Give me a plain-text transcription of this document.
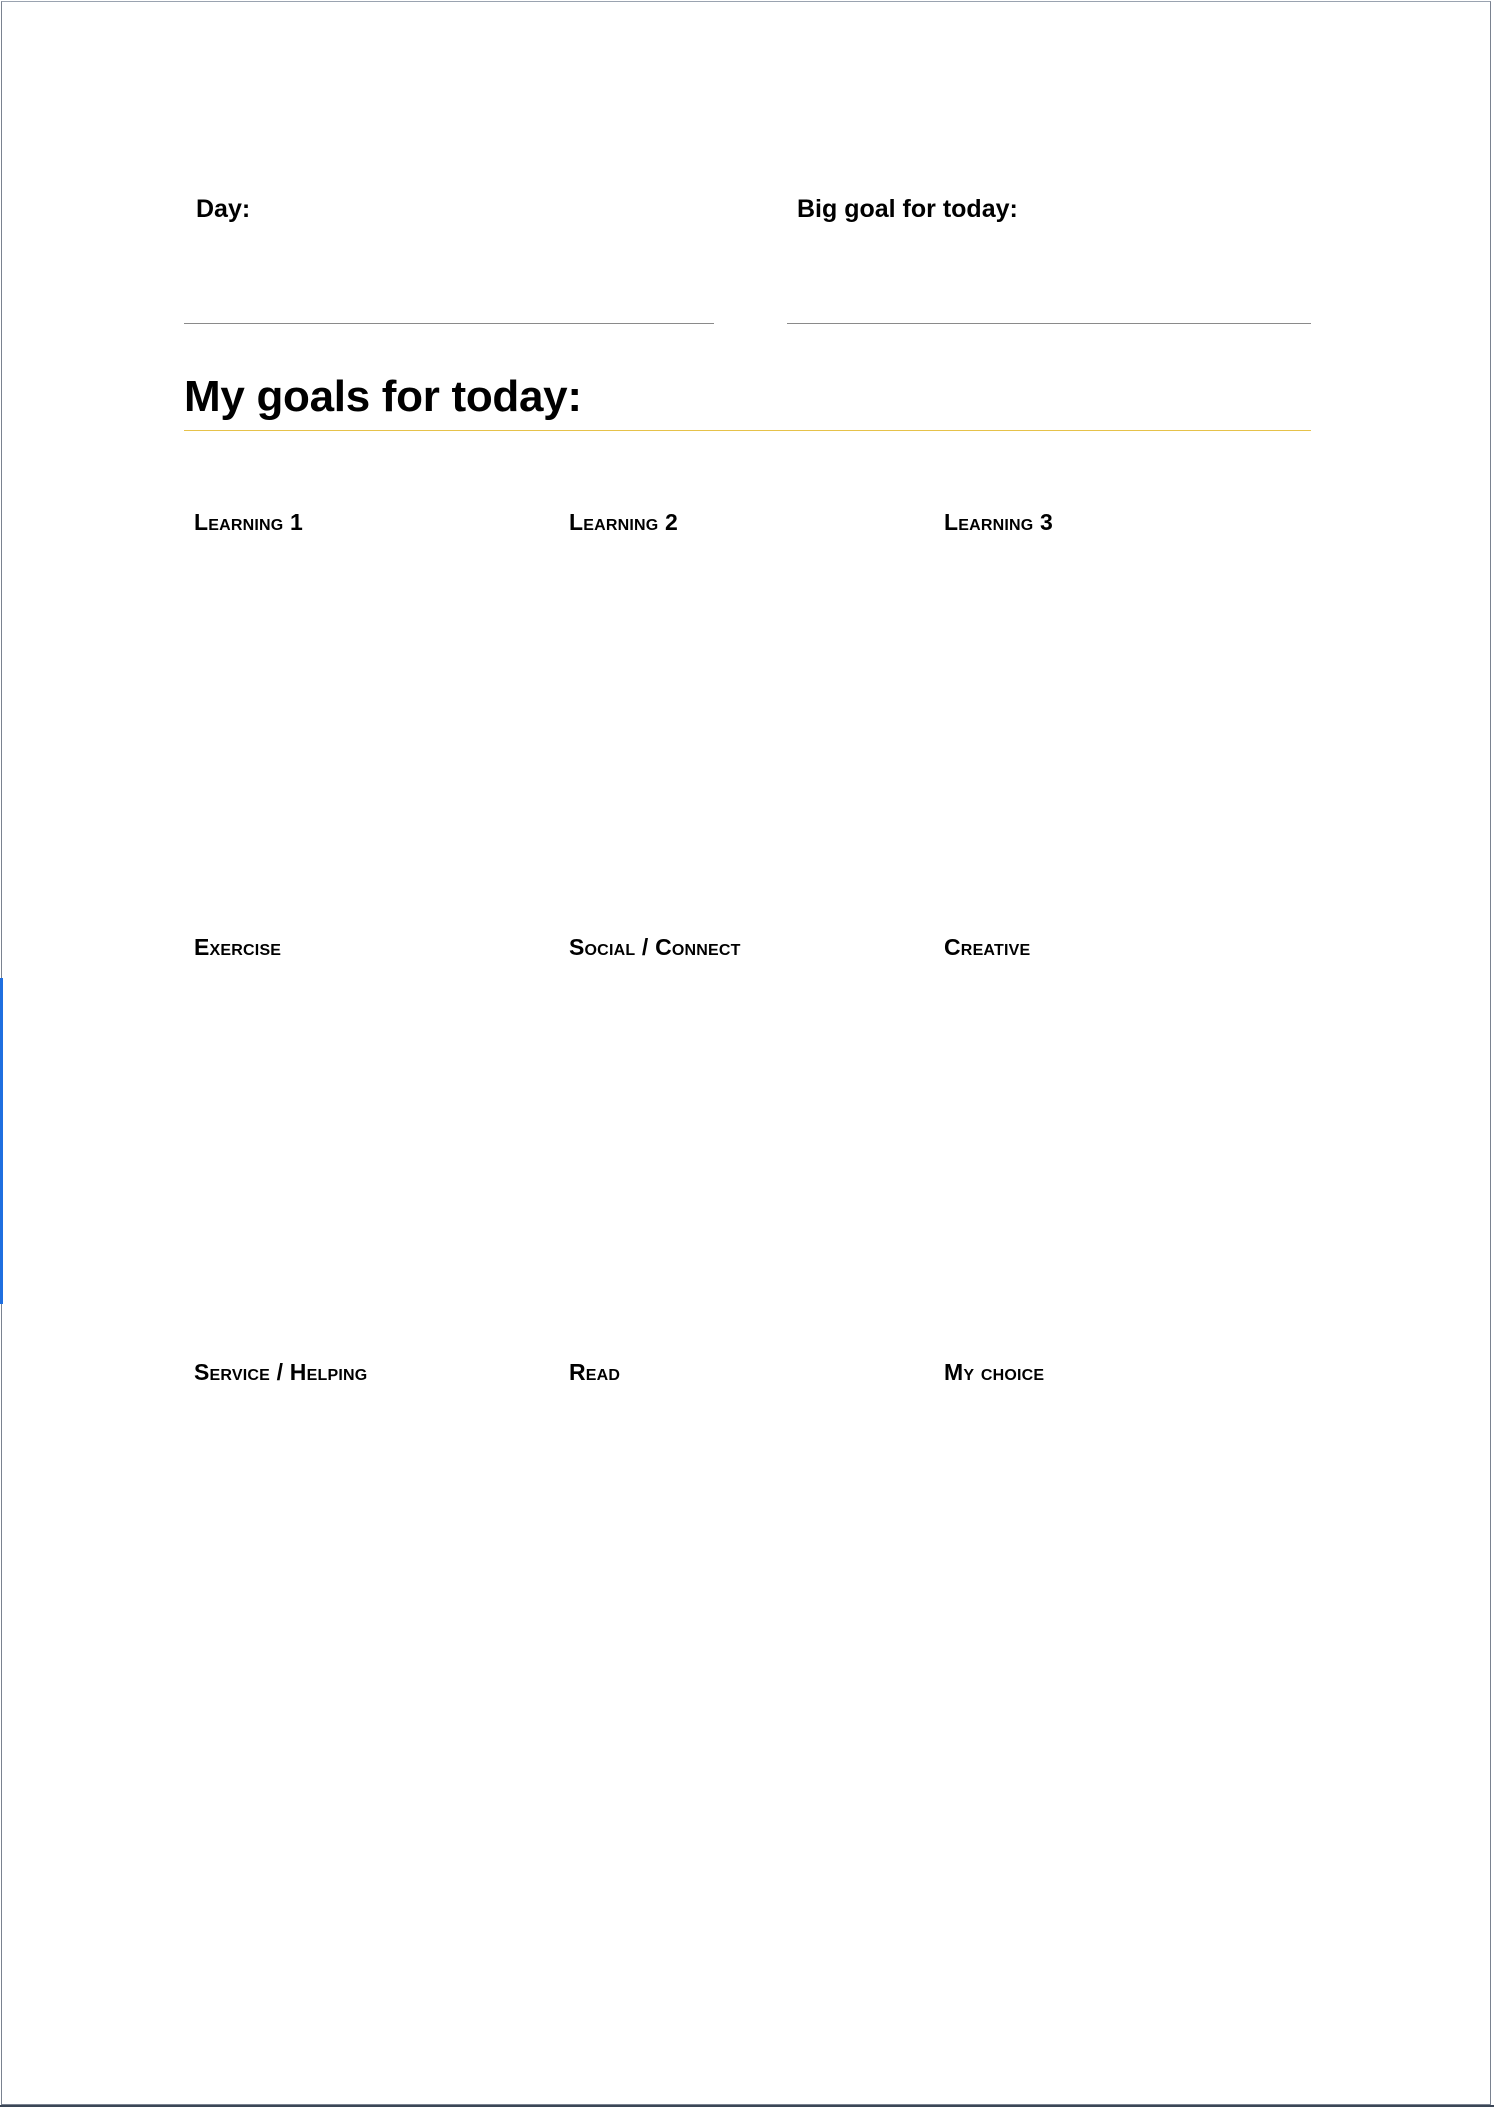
Day:	Big goal for today:
My goals for today:
Learning 1	Learning 2	Learning 3
Exercise	Social / Connect	Creative
Service / Helping	Read	My choice
